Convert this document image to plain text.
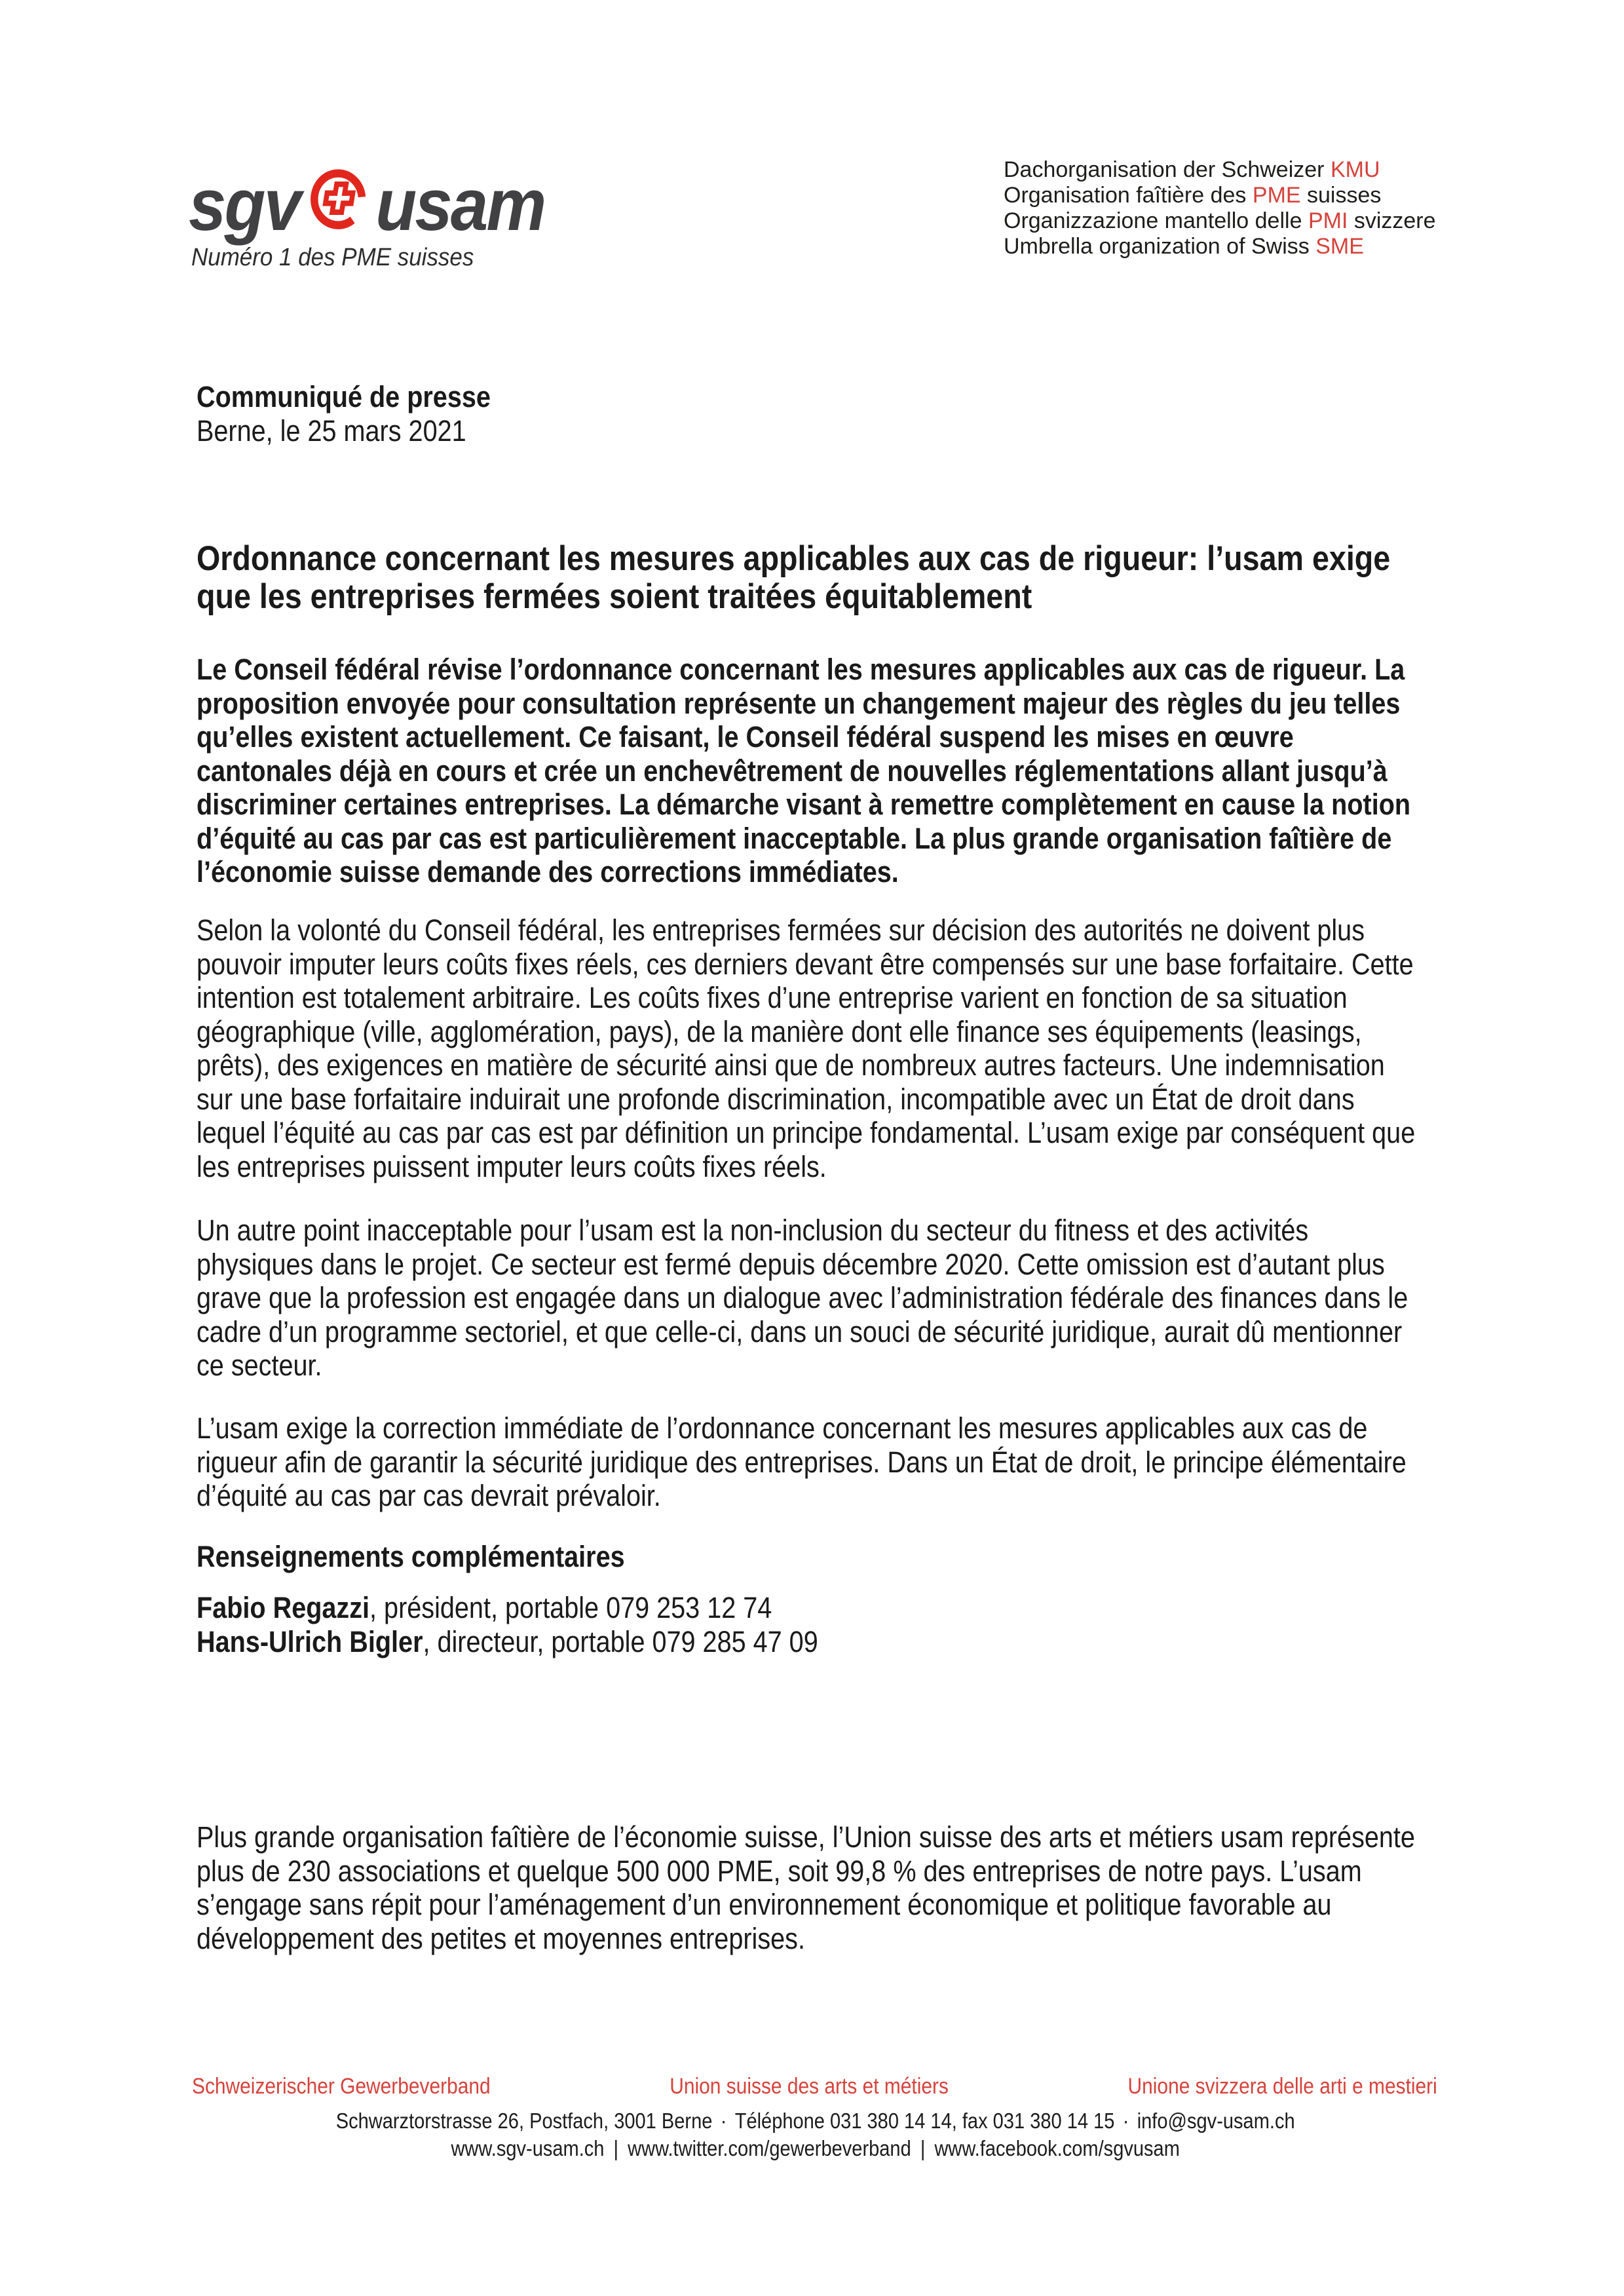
sgv usam
Numéro 1 des PME suisses
Dachorganisation der Schweizer KMU
Organisation faîtière des PME suisses
Organizzazione mantello delle PMI svizzere
Umbrella organization of Swiss SME
Communiqué de presse
Berne, le 25 mars 2021
Ordonnance concernant les mesures applicables aux cas de rigueur: l’usam exige que les entreprises fermées soient traitées équitablement
Le Conseil fédéral révise l’ordonnance concernant les mesures applicables aux cas de rigueur. La proposition envoyée pour consultation représente un changement majeur des règles du jeu telles qu’elles existent actuellement. Ce faisant, le Conseil fédéral suspend les mises en œuvre cantonales déjà en cours et crée un enchevêtrement de nouvelles réglementations allant jusqu’à discriminer certaines entreprises. La démarche visant à remettre complètement en cause la notion d’équité au cas par cas est particulièrement inacceptable. La plus grande organisation faîtière de l’économie suisse demande des corrections immédiates.
Selon la volonté du Conseil fédéral, les entreprises fermées sur décision des autorités ne doivent plus pouvoir imputer leurs coûts fixes réels, ces derniers devant être compensés sur une base forfaitaire. Cette intention est totalement arbitraire. Les coûts fixes d’une entreprise varient en fonction de sa situation géographique (ville, agglomération, pays), de la manière dont elle finance ses équipements (leasings, prêts), des exigences en matière de sécurité ainsi que de nombreux autres facteurs. Une indemnisation sur une base forfaitaire induirait une profonde discrimination, incompatible avec un État de droit dans lequel l’équité au cas par cas est par définition un principe fondamental. L’usam exige par conséquent que les entreprises puissent imputer leurs coûts fixes réels.
Un autre point inacceptable pour l’usam est la non-inclusion du secteur du fitness et des activités physiques dans le projet. Ce secteur est fermé depuis décembre 2020. Cette omission est d’autant plus grave que la profession est engagée dans un dialogue avec l’administration fédérale des finances dans le cadre d’un programme sectoriel, et que celle-ci, dans un souci de sécurité juridique, aurait dû mentionner ce secteur.
L’usam exige la correction immédiate de l’ordonnance concernant les mesures applicables aux cas de rigueur afin de garantir la sécurité juridique des entreprises. Dans un État de droit, le principe élémentaire d’équité au cas par cas devrait prévaloir.
Renseignements complémentaires
Fabio Regazzi, président, portable 079 253 12 74
Hans-Ulrich Bigler, directeur, portable 079 285 47 09
Plus grande organisation faîtière de l’économie suisse, l’Union suisse des arts et métiers usam représente plus de 230 associations et quelque 500 000 PME, soit 99,8 % des entreprises de notre pays. L’usam s’engage sans répit pour l’aménagement d’un environnement économique et politique favorable au développement des petites et moyennes entreprises.
Schweizerischer Gewerbeverband	Union suisse des arts et métiers	Unione svizzera delle arti e mestieri
Schwarztorstrasse 26, Postfach, 3001 Berne · Téléphone 031 380 14 14, fax 031 380 14 15 · info@sgv-usam.ch
www.sgv-usam.ch | www.twitter.com/gewerbeverband | www.facebook.com/sgvusam
